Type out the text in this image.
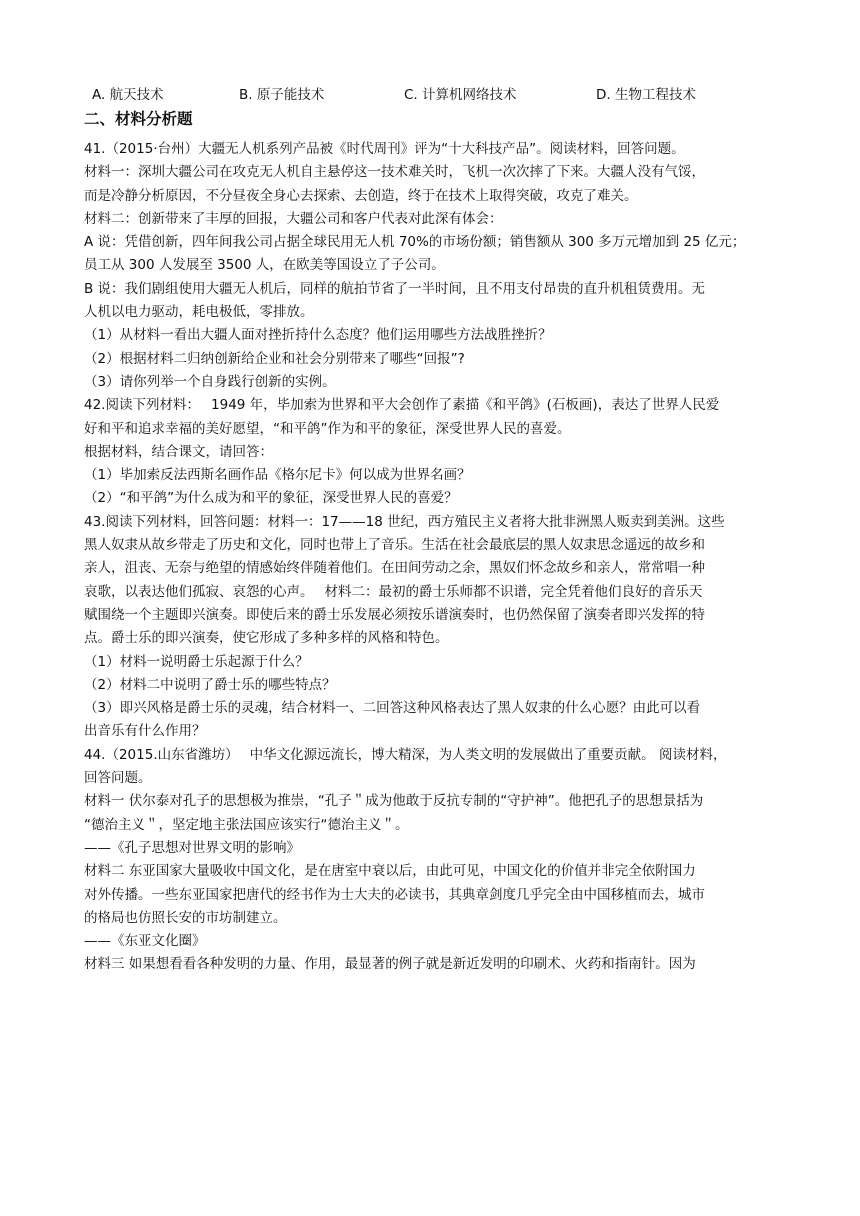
A. 航天技术	B. 原子能技术	C. 计算机网络技术	D. 生物工程技术
二、材料分析题
41.（2015·台州）大疆无人机系列产品被《时代周刊》评为“十大科技产品”。阅读材料，回答问题。
材料一：深圳大疆公司在攻克无人机自主悬停这一技术难关时，飞机一次次摔了下来。大疆人没有气馁，
而是冷静分析原因，不分昼夜全身心去探索、去创造，终于在技术上取得突破，攻克了难关。
材料二：创新带来了丰厚的回报，大疆公司和客户代表对此深有体会：
A 说：凭借创新，四年间我公司占据全球民用无人机 70%的市场份额；销售额从 300 多万元增加到 25 亿元；
员工从 300 人发展至 3500 人，在欧美等国设立了子公司。
B 说：我们剧组使用大疆无人机后，同样的航拍节省了一半时间，且不用支付昂贵的直升机租赁费用。无
人机以电力驱动，耗电极低，零排放。
（1）从材料一看出大疆人面对挫折持什么态度？他们运用哪些方法战胜挫折？
（2）根据材料二归纳创新给企业和社会分别带来了哪些“回报”?
（3）请你列举一个自身践行创新的实例。
42.阅读下列材料：　 1949 年，毕加索为世界和平大会创作了素描《和平鸽》(石板画)，表达了世界人民爱
好和平和追求幸福的美好愿望，“和平鸽”作为和平的象征，深受世界人民的喜爱。
根据材料，结合课文，请回答：
（1）毕加索反法西斯名画作品《格尔尼卡》何以成为世界名画？
（2）“和平鸽”为什么成为和平的象征，深受世界人民的喜爱？
43.阅读下列材料，回答问题：材料一：17——18 世纪，西方殖民主义者将大批非洲黑人贩卖到美洲。这些
黑人奴隶从故乡带走了历史和文化，同时也带上了音乐。生活在社会最底层的黑人奴隶思念遥远的故乡和
亲人，沮丧、无奈与绝望的情感始终伴随着他们。在田间劳动之余，黑奴们怀念故乡和亲人，常常唱一种
哀歌，以表达他们孤寂、哀怨的心声。　 材料二：最初的爵士乐师都不识谱，完全凭着他们良好的音乐天
赋围绕一个主题即兴演奏。即使后来的爵士乐发展必须按乐谱演奏时，也仍然保留了演奏者即兴发挥的特
点。爵士乐的即兴演奏，使它形成了多种多样的风格和特色。
（1）材料一说明爵士乐起源于什么？
（2）材料二中说明了爵士乐的哪些特点？
（3）即兴风格是爵士乐的灵魂，结合材料一、二回答这种风格表达了黑人奴隶的什么心愿？由此可以看
出音乐有什么作用？
44.（2015.山东省潍坊）　 中华文化源远流长，博大精深，为人类文明的发展做出了重要贡献。 阅读材料，
回答问题。
材料一 伏尔泰对孔子的思想极为推崇，“孔子＂成为他敢于反抗专制的“守护神”。他把孔子的思想景括为
“德治主义＂，坚定地主张法国应该实行“德治主义＂。
——《孔子思想对世界文明的影响》
材料二 东亚国家大量吸收中国文化，是在唐室中衰以后，由此可见，中国文化的价值并非完全依附国力
对外传播。一些东亚国家把唐代的经书作为士大夫的必读书，其典章剑度几乎完全由中国移植而去，城市
的格局也仿照长安的市坊制建立。
——《东亚文化圈》
材料三 如果想看看各种发明的力量、作用，最显著的例子就是新近发明的印刷术、火药和指南针。因为
